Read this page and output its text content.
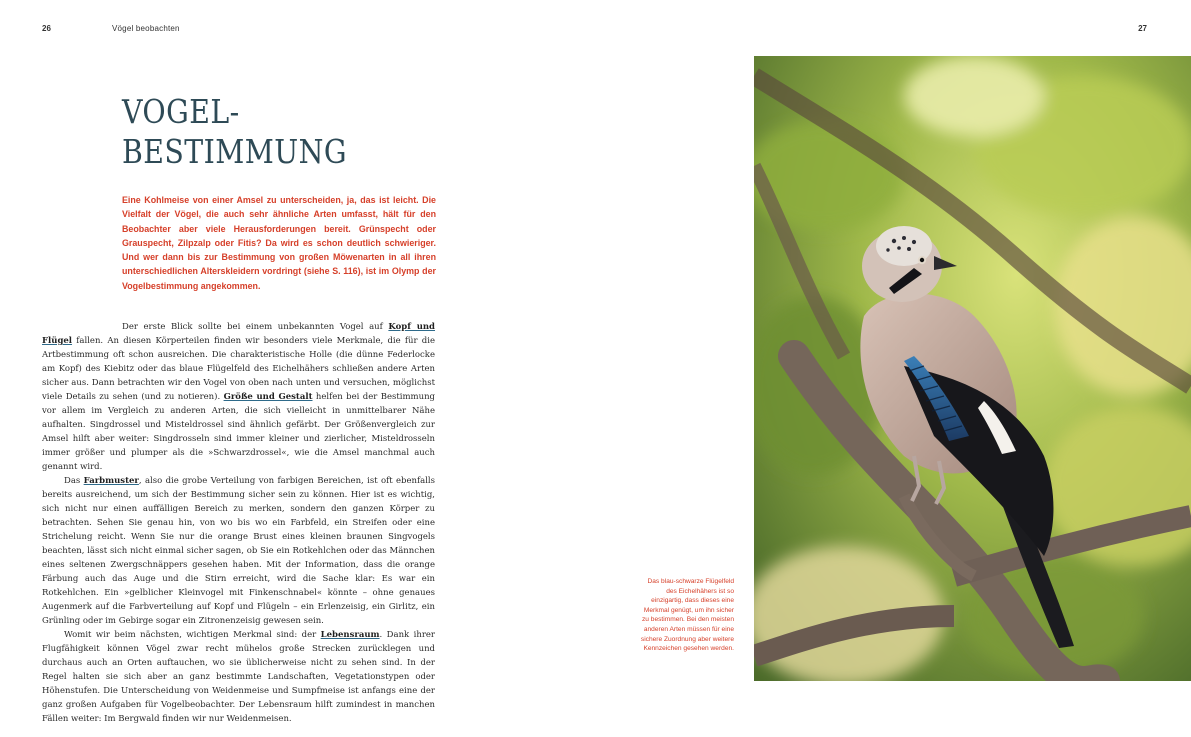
26	Vögel beobachten
VOGEL-
BESTIMMUNG

Eine Kohlmeise von einer Amsel zu unterscheiden, ja, das ist leicht. Die Vielfalt der Vögel, die auch sehr ähnliche Arten umfasst, hält für den Beobachter aber viele Herausforderungen bereit. Grünspecht oder Grauspecht, Zilpzalp oder Fitis? Da wird es schon deutlich schwieriger. Und wer dann bis zur Bestimmung von großen Möwenarten in all ihren unterschiedlichen Alterskleidern vordringt (siehe S. 116), ist im Olymp der Vogelbestimmung angekommen.

Der erste Blick sollte bei einem unbekannten Vogel auf Kopf und Flügel fallen. An diesen Körperteilen finden wir besonders viele Merkmale, die für die Artbestimmung oft schon ausreichen. Die charakteristische Holle (die dünne Federlocke am Kopf) des Kiebitz oder das blaue Flügelfeld des Eichelhähers schließen andere Arten sicher aus. Dann betrachten wir den Vogel von oben nach unten und versuchen, möglichst viele Details zu sehen (und zu notieren). Größe und Gestalt helfen bei der Bestimmung vor allem im Vergleich zu anderen Arten, die sich vielleicht in unmittelbarer Nähe aufhalten. Singdrossel und Misteldrossel sind ähnlich gefärbt. Der Größenvergleich zur Amsel hilft aber weiter: Singdrosseln sind immer kleiner und zierlicher, Misteldrosseln immer größer und plumper als die »Schwarzdrossel«, wie die Amsel manchmal auch genannt wird.

Das Farbmuster, also die grobe Verteilung von farbigen Bereichen, ist oft ebenfalls bereits ausreichend, um sich der Bestimmung sicher sein zu können. Hier ist es wichtig, sich nicht nur einen auffälligen Bereich zu merken, sondern den ganzen Körper zu betrachten. Sehen Sie genau hin, von wo bis wo ein Farbfeld, ein Streifen oder eine Strichelung reicht. Wenn Sie nur die orange Brust eines kleinen braunen Singvogels beachten, lässt sich nicht einmal sicher sagen, ob Sie ein Rotkehlchen oder das Männchen eines seltenen Zwergschnäppers gesehen haben. Mit der Information, dass die orange Färbung auch das Auge und die Stirn erreicht, wird die Sache klar: Es war ein Rotkehlchen. Ein »gelblicher Kleinvogel mit Finkenschnabel« könnte – ohne genaues Augenmerk auf die Farbverteilung auf Kopf und Flügeln – ein Erlenzeisig, ein Girlitz, ein Grünling oder im Gebirge sogar ein Zitronenzeisig gewesen sein.

Womit wir beim nächsten, wichtigen Merkmal sind: der Lebensraum. Dank ihrer Flugfähigkeit können Vögel zwar recht mühelos große Strecken zurücklegen und durchaus auch an Orten auftauchen, wo sie üblicherweise nicht zu sehen sind. In der Regel halten sie sich aber an ganz bestimmte Landschaften, Vegetationstypen oder Höhenstufen. Die Unterscheidung von Weidenmeise und Sumpfmeise ist anfangs eine der ganz großen Aufgaben für Vogelbeobachter. Der Lebensraum hilft zumindest in manchen Fällen weiter: Im Bergwald finden wir nur Weidenmeisen.

27

Das blau-schwarze Flügelfeld des Eichelhähers ist so einzigartig, dass dieses eine Merkmal genügt, um ihn sicher zu bestimmen. Bei den meisten anderen Arten müssen für eine sichere Zuordnung aber weitere Kennzeichen gesehen werden.
